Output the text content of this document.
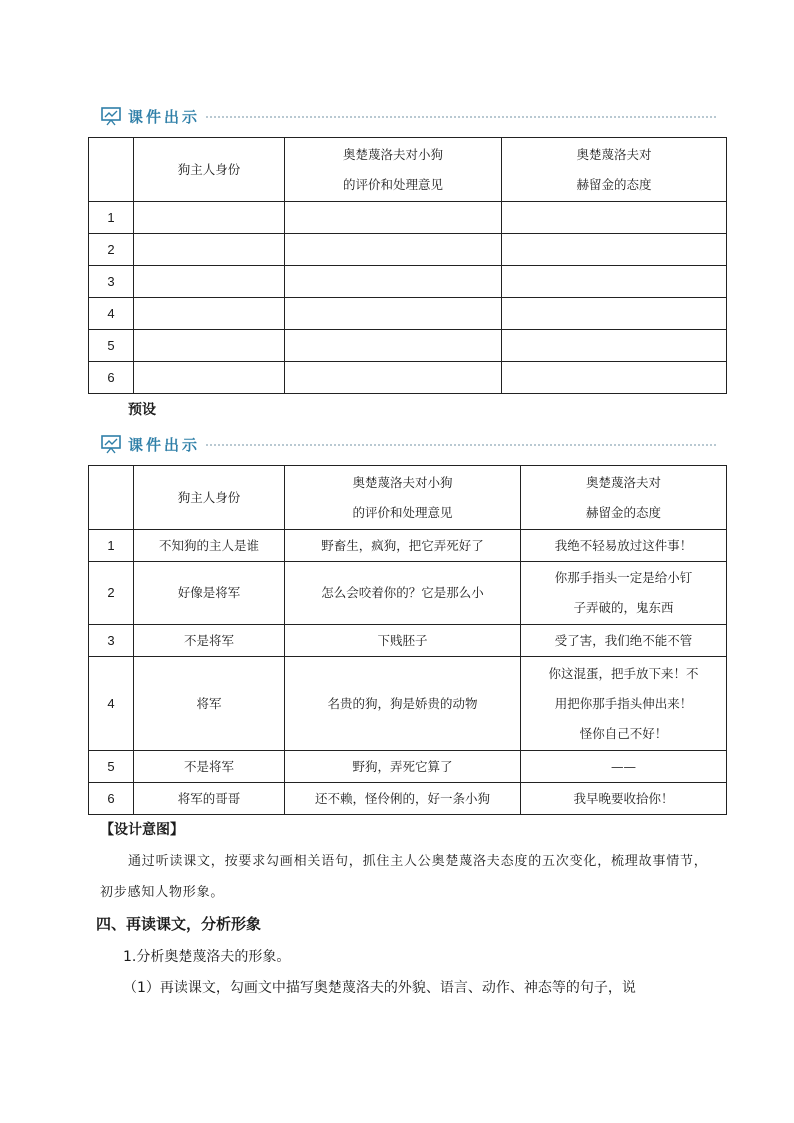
课件出示
	狗主人身份	奥楚蔑洛夫对小狗
的评价和处理意见	奥楚蔑洛夫对
赫留金的态度
1			
2			
3			
4			
5			
6			
预设
课件出示
	狗主人身份	奥楚蔑洛夫对小狗
的评价和处理意见	奥楚蔑洛夫对
赫留金的态度
1	不知狗的主人是谁	野畜生，疯狗，把它弄死好了	我绝不轻易放过这件事！
2	好像是将军	怎么会咬着你的？它是那么小	你那手指头一定是给小钉
子弄破的，鬼东西
3	不是将军	下贱胚子	受了害，我们绝不能不管
4	将军	名贵的狗，狗是娇贵的动物	你这混蛋，把手放下来！不
用把你那手指头伸出来！
怪你自己不好！
5	不是将军	野狗，弄死它算了	——
6	将军的哥哥	还不赖，怪伶俐的，好一条小狗	我早晚要收拾你！
【设计意图】
通过听读课文，按要求勾画相关语句，抓住主人公奥楚蔑洛夫态度的五次变化，梳理故事情节，初步感知人物形象。
四、再读课文，分析形象
1.分析奥楚蔑洛夫的形象。
（1）再读课文，勾画文中描写奥楚蔑洛夫的外貌、语言、动作、神态等的句子，说
